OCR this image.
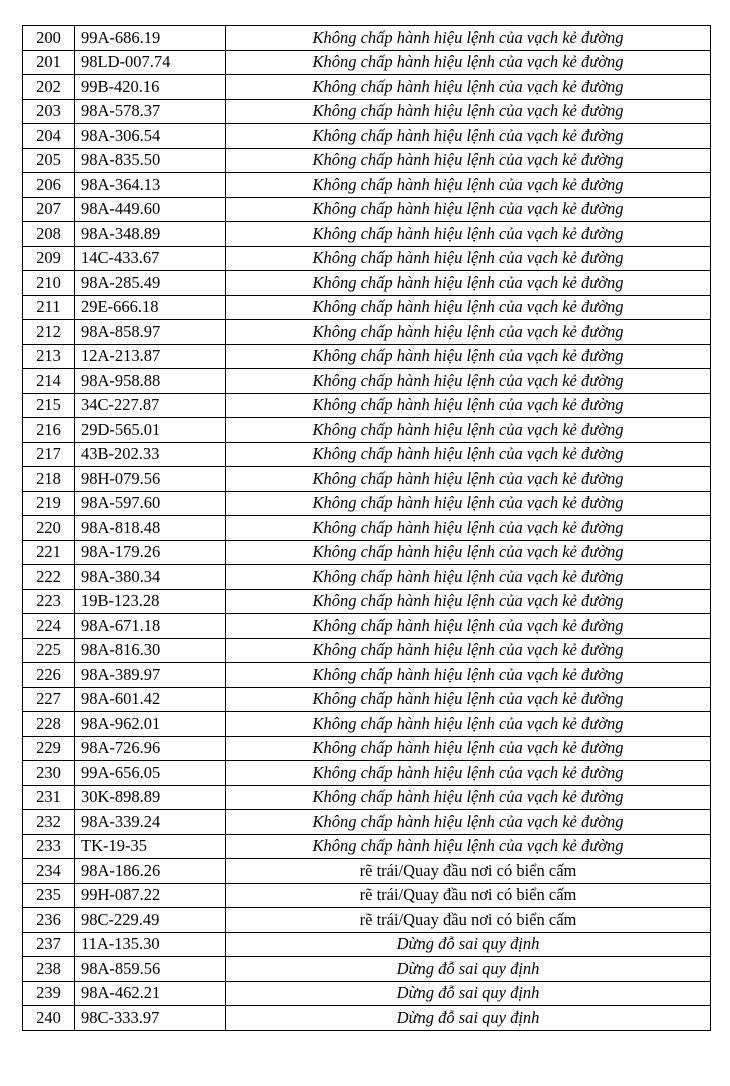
200	99A-686.19	Không chấp hành hiệu lệnh của vạch kẻ đường
201	98LD-007.74	Không chấp hành hiệu lệnh của vạch kẻ đường
202	99B-420.16	Không chấp hành hiệu lệnh của vạch kẻ đường
203	98A-578.37	Không chấp hành hiệu lệnh của vạch kẻ đường
204	98A-306.54	Không chấp hành hiệu lệnh của vạch kẻ đường
205	98A-835.50	Không chấp hành hiệu lệnh của vạch kẻ đường
206	98A-364.13	Không chấp hành hiệu lệnh của vạch kẻ đường
207	98A-449.60	Không chấp hành hiệu lệnh của vạch kẻ đường
208	98A-348.89	Không chấp hành hiệu lệnh của vạch kẻ đường
209	14C-433.67	Không chấp hành hiệu lệnh của vạch kẻ đường
210	98A-285.49	Không chấp hành hiệu lệnh của vạch kẻ đường
211	29E-666.18	Không chấp hành hiệu lệnh của vạch kẻ đường
212	98A-858.97	Không chấp hành hiệu lệnh của vạch kẻ đường
213	12A-213.87	Không chấp hành hiệu lệnh của vạch kẻ đường
214	98A-958.88	Không chấp hành hiệu lệnh của vạch kẻ đường
215	34C-227.87	Không chấp hành hiệu lệnh của vạch kẻ đường
216	29D-565.01	Không chấp hành hiệu lệnh của vạch kẻ đường
217	43B-202.33	Không chấp hành hiệu lệnh của vạch kẻ đường
218	98H-079.56	Không chấp hành hiệu lệnh của vạch kẻ đường
219	98A-597.60	Không chấp hành hiệu lệnh của vạch kẻ đường
220	98A-818.48	Không chấp hành hiệu lệnh của vạch kẻ đường
221	98A-179.26	Không chấp hành hiệu lệnh của vạch kẻ đường
222	98A-380.34	Không chấp hành hiệu lệnh của vạch kẻ đường
223	19B-123.28	Không chấp hành hiệu lệnh của vạch kẻ đường
224	98A-671.18	Không chấp hành hiệu lệnh của vạch kẻ đường
225	98A-816.30	Không chấp hành hiệu lệnh của vạch kẻ đường
226	98A-389.97	Không chấp hành hiệu lệnh của vạch kẻ đường
227	98A-601.42	Không chấp hành hiệu lệnh của vạch kẻ đường
228	98A-962.01	Không chấp hành hiệu lệnh của vạch kẻ đường
229	98A-726.96	Không chấp hành hiệu lệnh của vạch kẻ đường
230	99A-656.05	Không chấp hành hiệu lệnh của vạch kẻ đường
231	30K-898.89	Không chấp hành hiệu lệnh của vạch kẻ đường
232	98A-339.24	Không chấp hành hiệu lệnh của vạch kẻ đường
233	TK-19-35	Không chấp hành hiệu lệnh của vạch kẻ đường
234	98A-186.26	rẽ trái/Quay đầu nơi có biển cấm
235	99H-087.22	rẽ trái/Quay đầu nơi có biển cấm
236	98C-229.49	rẽ trái/Quay đầu nơi có biển cấm
237	11A-135.30	Dừng đỗ sai quy định
238	98A-859.56	Dừng đỗ sai quy định
239	98A-462.21	Dừng đỗ sai quy định
240	98C-333.97	Dừng đỗ sai quy định
